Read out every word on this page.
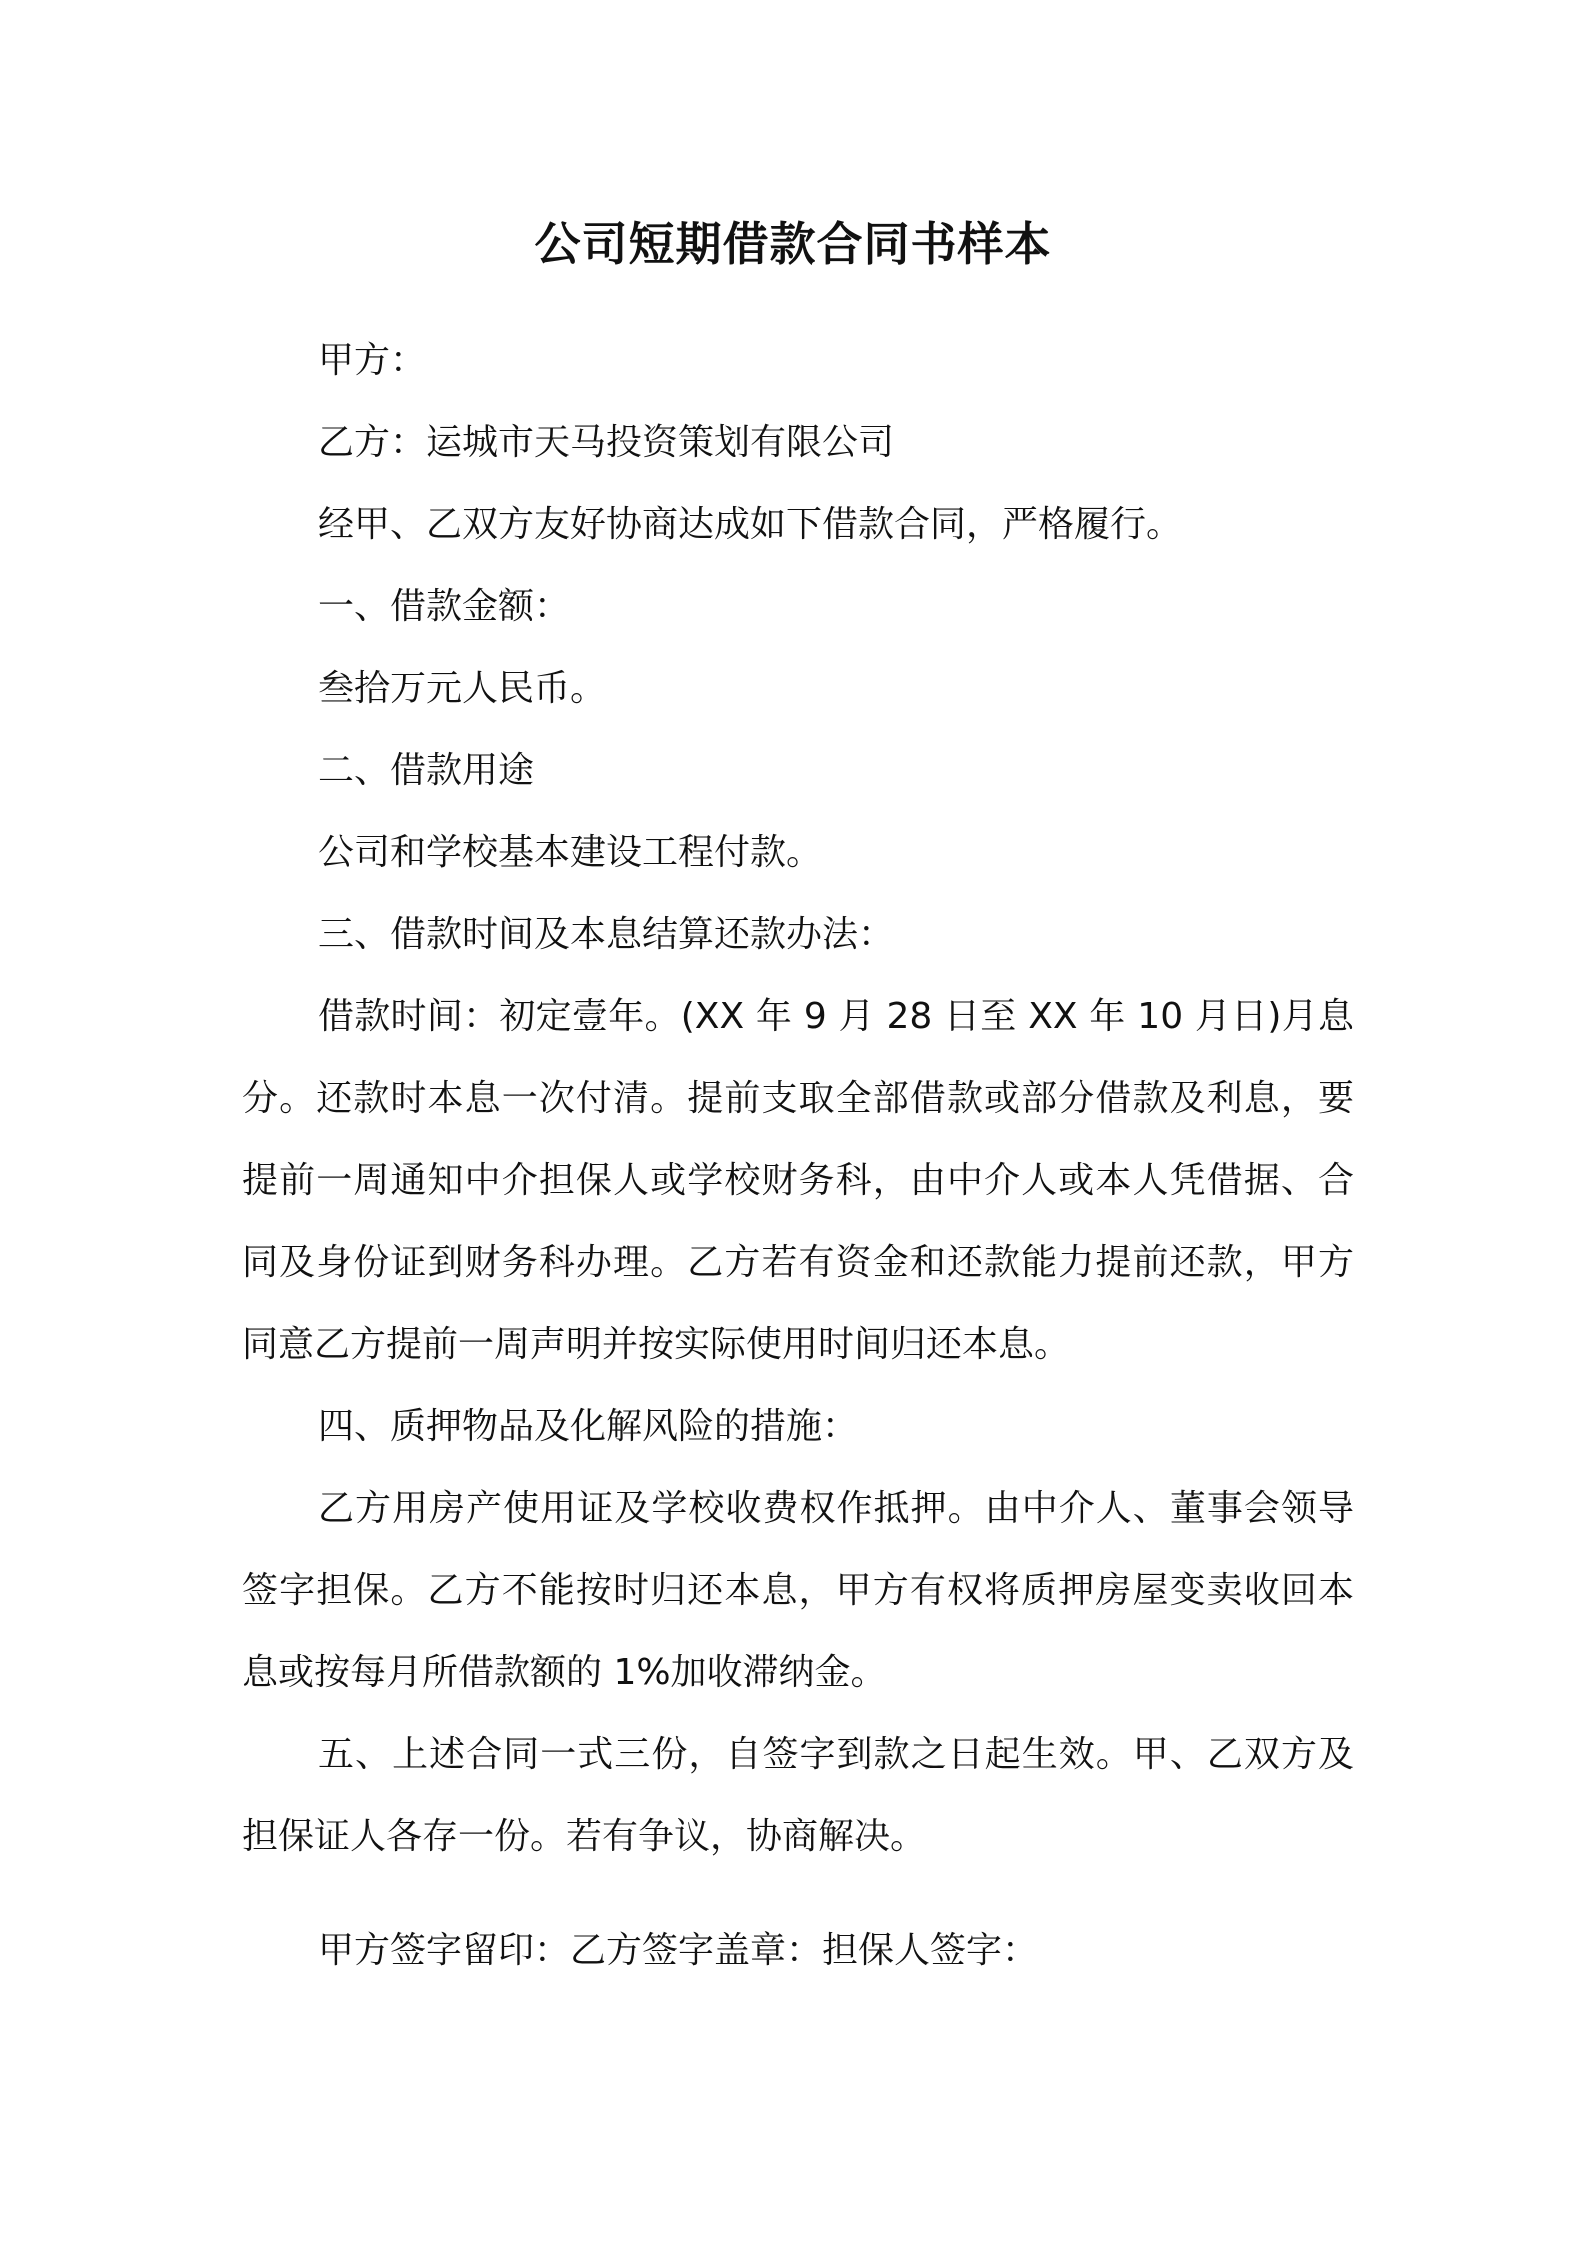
公司短期借款合同书样本

甲方：

乙方：运城市天马投资策划有限公司

经甲、乙双方友好协商达成如下借款合同，严格履行。

一、借款金额：

叁拾万元人民币。

二、借款用途

公司和学校基本建设工程付款。

三、借款时间及本息结算还款办法：

借款时间：初定壹年。(XX 年 9 月 28 日至 XX 年 10 月日)月息分。还款时本息一次付清。提前支取全部借款或部分借款及利息，要提前一周通知中介担保人或学校财务科，由中介人或本人凭借据、合同及身份证到财务科办理。乙方若有资金和还款能力提前还款，甲方同意乙方提前一周声明并按实际使用时间归还本息。

四、质押物品及化解风险的措施：

乙方用房产使用证及学校收费权作抵押。由中介人、董事会领导签字担保。乙方不能按时归还本息，甲方有权将质押房屋变卖收回本息或按每月所借款额的 1%加收滞纳金。

五、上述合同一式三份，自签字到款之日起生效。甲、乙双方及担保证人各存一份。若有争议，协商解决。

甲方签字留印：乙方签字盖章：担保人签字：
